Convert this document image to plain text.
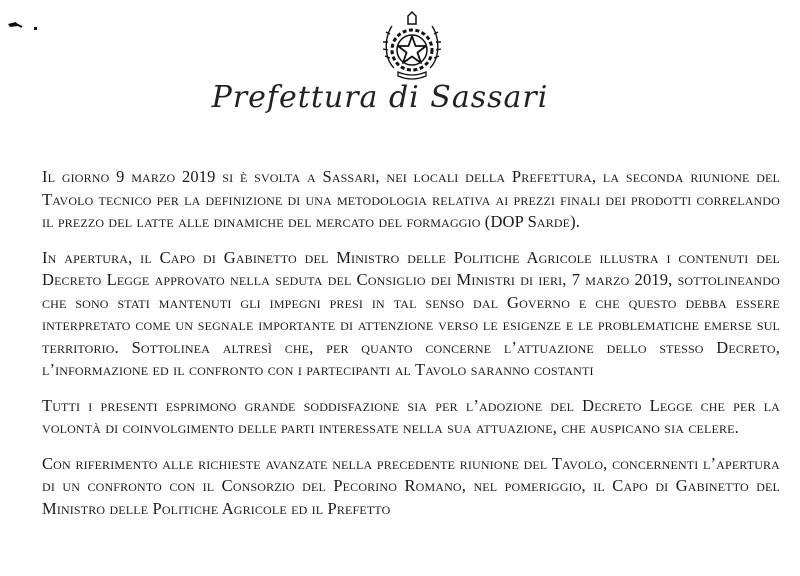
Prefettura di Sassari

Il giorno 9 marzo 2019 si è svolta a Sassari, nei locali della Prefettura, la seconda riunione del Tavolo tecnico per la definizione di una metodologia relativa ai prezzi finali dei prodotti correlando il prezzo del latte alle dinamiche del mercato del formaggio (DOP Sarde).

In apertura, il Capo di Gabinetto del Ministro delle Politiche Agricole illustra i contenuti del Decreto Legge approvato nella seduta del Consiglio dei Ministri di ieri, 7 marzo 2019, sottolineando che sono stati mantenuti gli impegni presi in tal senso dal Governo e che questo debba essere interpretato come un segnale importante di attenzione verso le esigenze e le problematiche emerse sul territorio. Sottolinea altresì che, per quanto concerne l’attuazione dello stesso Decreto, l’informazione ed il confronto con i partecipanti al Tavolo saranno costanti

Tutti i presenti esprimono grande soddisfazione sia per l’adozione del Decreto Legge che per la volontà di coinvolgimento delle parti interessate nella sua attuazione, che auspicano sia celere.

Con riferimento alle richieste avanzate nella precedente riunione del Tavolo, concernenti l’apertura di un confronto con il Consorzio del Pecorino Romano, nel pomeriggio, il Capo di Gabinetto del Ministro delle Politiche Agricole ed il Prefetto
